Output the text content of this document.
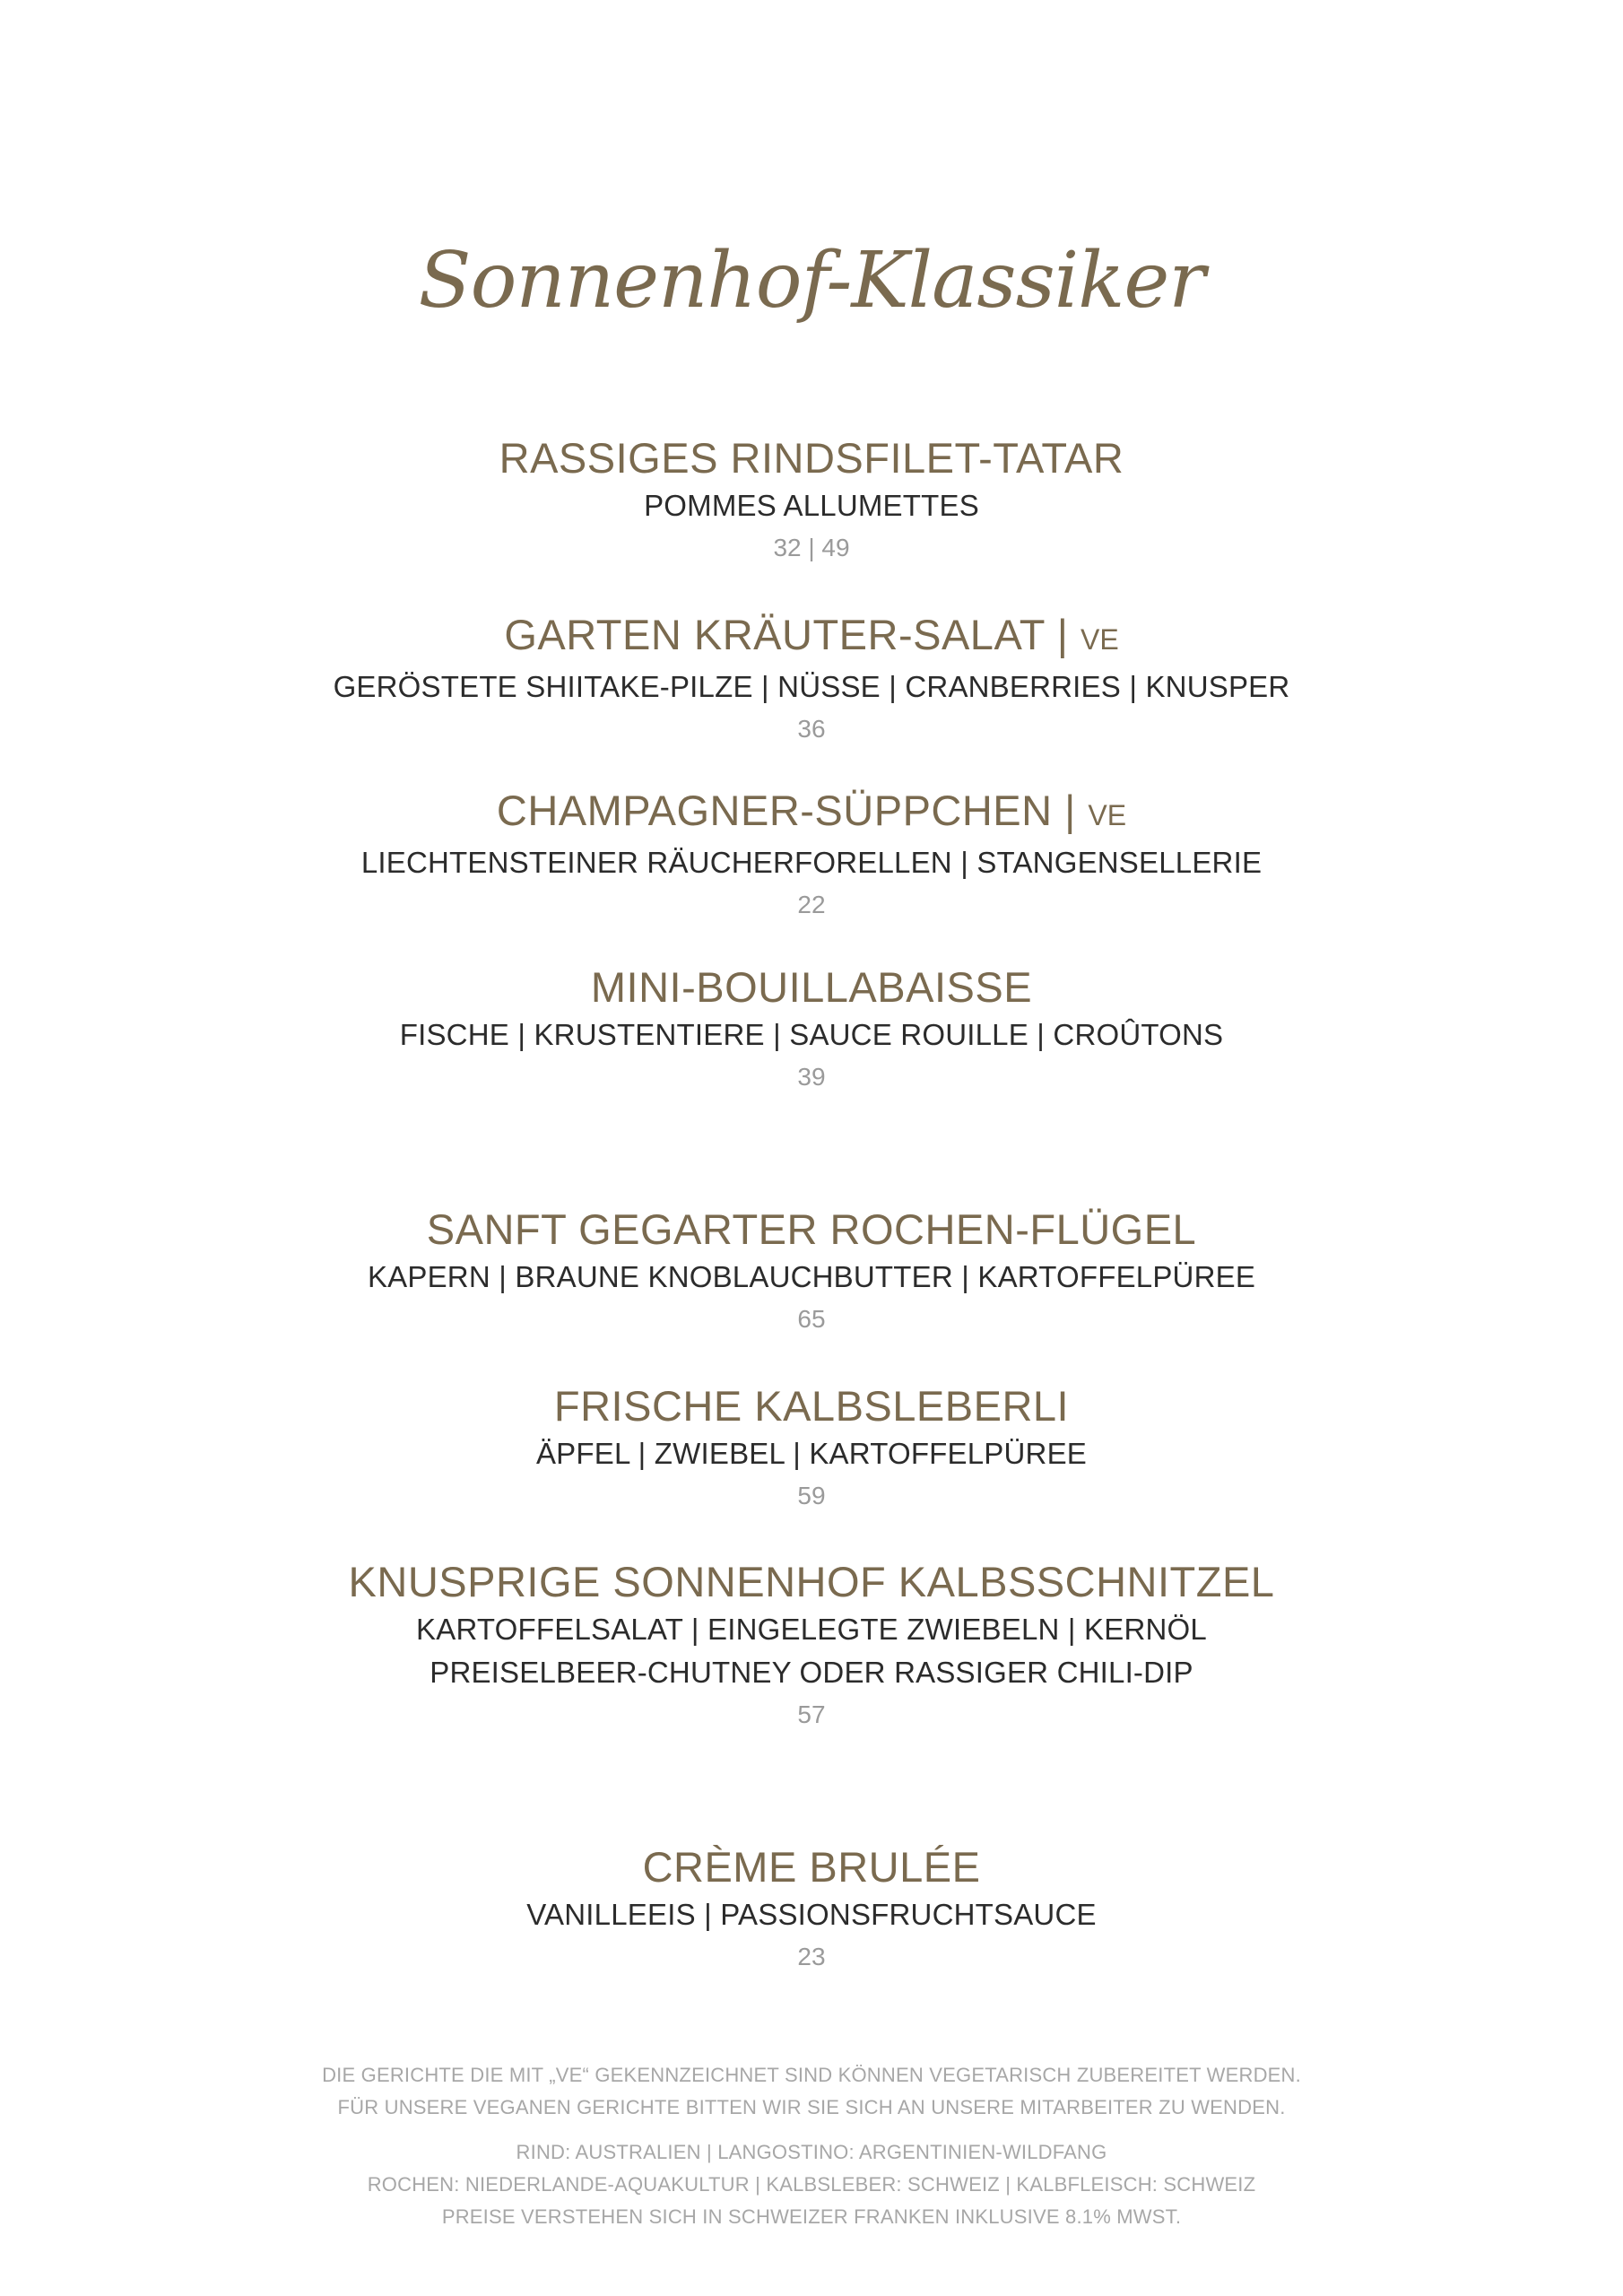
Sonnenhof-Klassiker
RASSIGES RINDSFILET-TATAR
POMMES ALLUMETTES
32 | 49
GARTEN KRÄUTER-SALAT | VE
GERÖSTETE SHIITAKE-PILZE | NÜSSE | CRANBERRIES | KNUSPER
36
CHAMPAGNER-SÜPPCHEN | VE
LIECHTENSTEINER RÄUCHERFORELLEN | STANGENSELLERIE
22
MINI-BOUILLABAISSE
FISCHE | KRUSTENTIERE | SAUCE ROUILLE | CROÛTONS
39
SANFT GEGARTER ROCHEN-FLÜGEL
KAPERN | BRAUNE KNOBLAUCHBUTTER | KARTOFFELPÜREE
65
FRISCHE KALBSLEBERLI
ÄPFEL | ZWIEBEL | KARTOFFELPÜREE
59
KNUSPRIGE SONNENHOF KALBSSCHNITZEL
KARTOFFELSALAT | EINGELEGTE ZWIEBELN | KERNÖL
PREISELBEER-CHUTNEY ODER RASSIGER CHILI-DIP
57
CRÈME BRULÉE
VANILLEEIS | PASSIONSFRUCHTSAUCE
23
DIE GERICHTE DIE MIT „VE“ GEKENNZEICHNET SIND KÖNNEN VEGETARISCH ZUBEREITET WERDEN.
FÜR UNSERE VEGANEN GERICHTE BITTEN WIR SIE SICH AN UNSERE MITARBEITER ZU WENDEN.
RIND: AUSTRALIEN | LANGOSTINO: ARGENTINIEN-WILDFANG
ROCHEN: NIEDERLANDE-AQUAKULTUR | KALBSLEBER: SCHWEIZ | KALBFLEISCH: SCHWEIZ
PREISE VERSTEHEN SICH IN SCHWEIZER FRANKEN INKLUSIVE 8.1% MWST.
